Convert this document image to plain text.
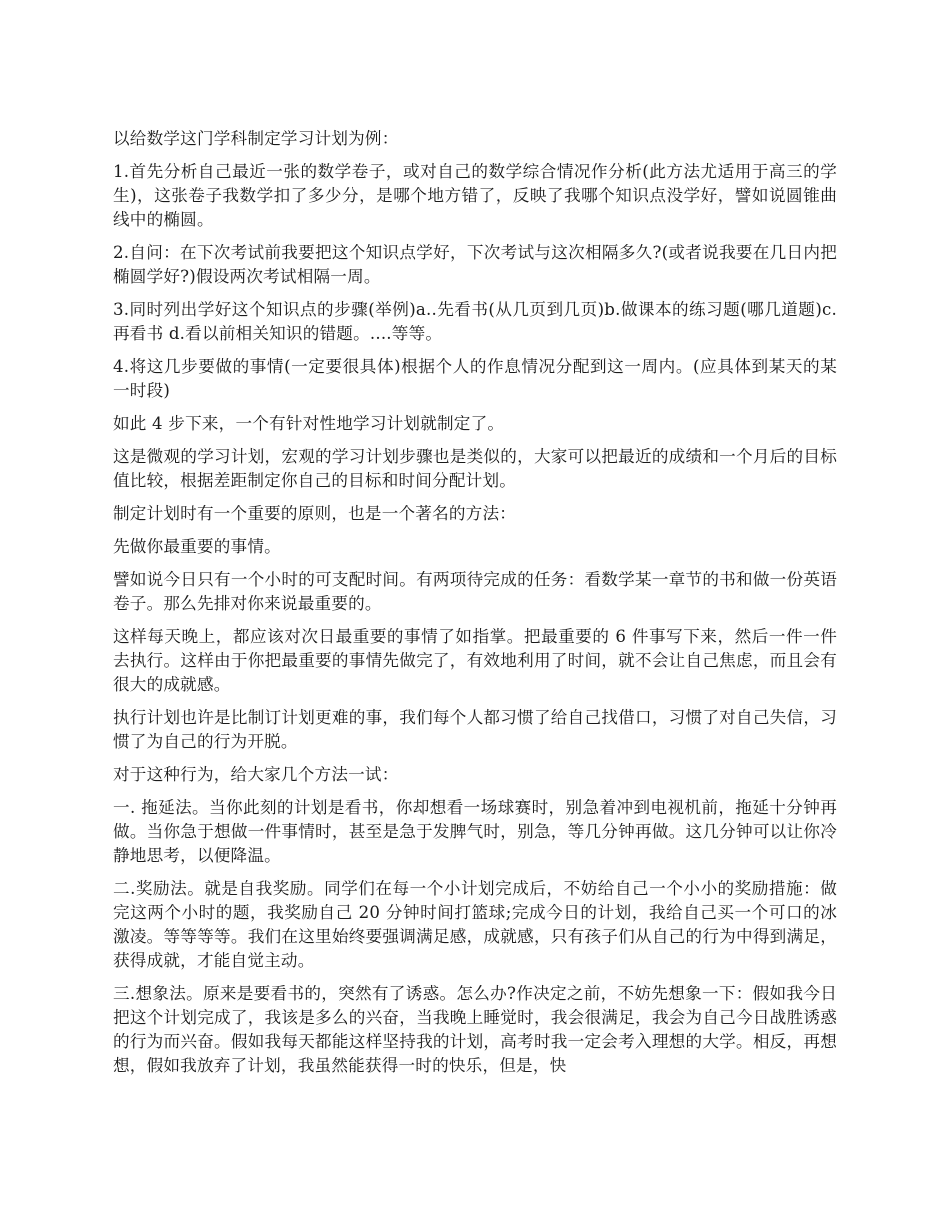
以给数学这门学科制定学习计划为例：

1.首先分析自己最近一张的数学卷子，或对自己的数学综合情况作分析(此方法尤适用于高三的学生)，这张卷子我数学扣了多少分，是哪个地方错了，反映了我哪个知识点没学好，譬如说圆锥曲线中的椭圆。

2.自问：在下次考试前我要把这个知识点学好，下次考试与这次相隔多久?(或者说我要在几日内把椭圆学好?)假设两次考试相隔一周。

3.同时列出学好这个知识点的步骤(举例)a..先看书(从几页到几页)b.做课本的练习题(哪几道题)c.再看书 d.看以前相关知识的错题。....等等。

4.将这几步要做的事情(一定要很具体)根据个人的作息情况分配到这一周内。(应具体到某天的某一时段)

如此 4 步下来，一个有针对性地学习计划就制定了。

这是微观的学习计划，宏观的学习计划步骤也是类似的，大家可以把最近的成绩和一个月后的目标值比较，根据差距制定你自己的目标和时间分配计划。

制定计划时有一个重要的原则，也是一个著名的方法：

先做你最重要的事情。

譬如说今日只有一个小时的可支配时间。有两项待完成的任务：看数学某一章节的书和做一份英语卷子。那么先排对你来说最重要的。

这样每天晚上，都应该对次日最重要的事情了如指掌。把最重要的 6 件事写下来，然后一件一件去执行。这样由于你把最重要的事情先做完了，有效地利用了时间，就不会让自己焦虑，而且会有很大的成就感。

执行计划也许是比制订计划更难的事，我们每个人都习惯了给自己找借口，习惯了对自己失信，习惯了为自己的行为开脱。

对于这种行为，给大家几个方法一试：

一. 拖延法。当你此刻的计划是看书，你却想看一场球赛时，别急着冲到电视机前，拖延十分钟再做。当你急于想做一件事情时，甚至是急于发脾气时，别急，等几分钟再做。这几分钟可以让你冷静地思考，以便降温。

二.奖励法。就是自我奖励。同学们在每一个小计划完成后，不妨给自己一个小小的奖励措施：做完这两个小时的题，我奖励自己 20 分钟时间打篮球;完成今日的计划，我给自己买一个可口的冰激凌。等等等等。我们在这里始终要强调满足感，成就感，只有孩子们从自己的行为中得到满足，获得成就，才能自觉主动。

三.想象法。原来是要看书的，突然有了诱惑。怎么办?作决定之前，不妨先想象一下：假如我今日把这个计划完成了，我该是多么的兴奋，当我晚上睡觉时，我会很满足，我会为自己今日战胜诱惑的行为而兴奋。假如我每天都能这样坚持我的计划，高考时我一定会考入理想的大学。相反，再想想，假如我放弃了计划，我虽然能获得一时的快乐，但是，快
